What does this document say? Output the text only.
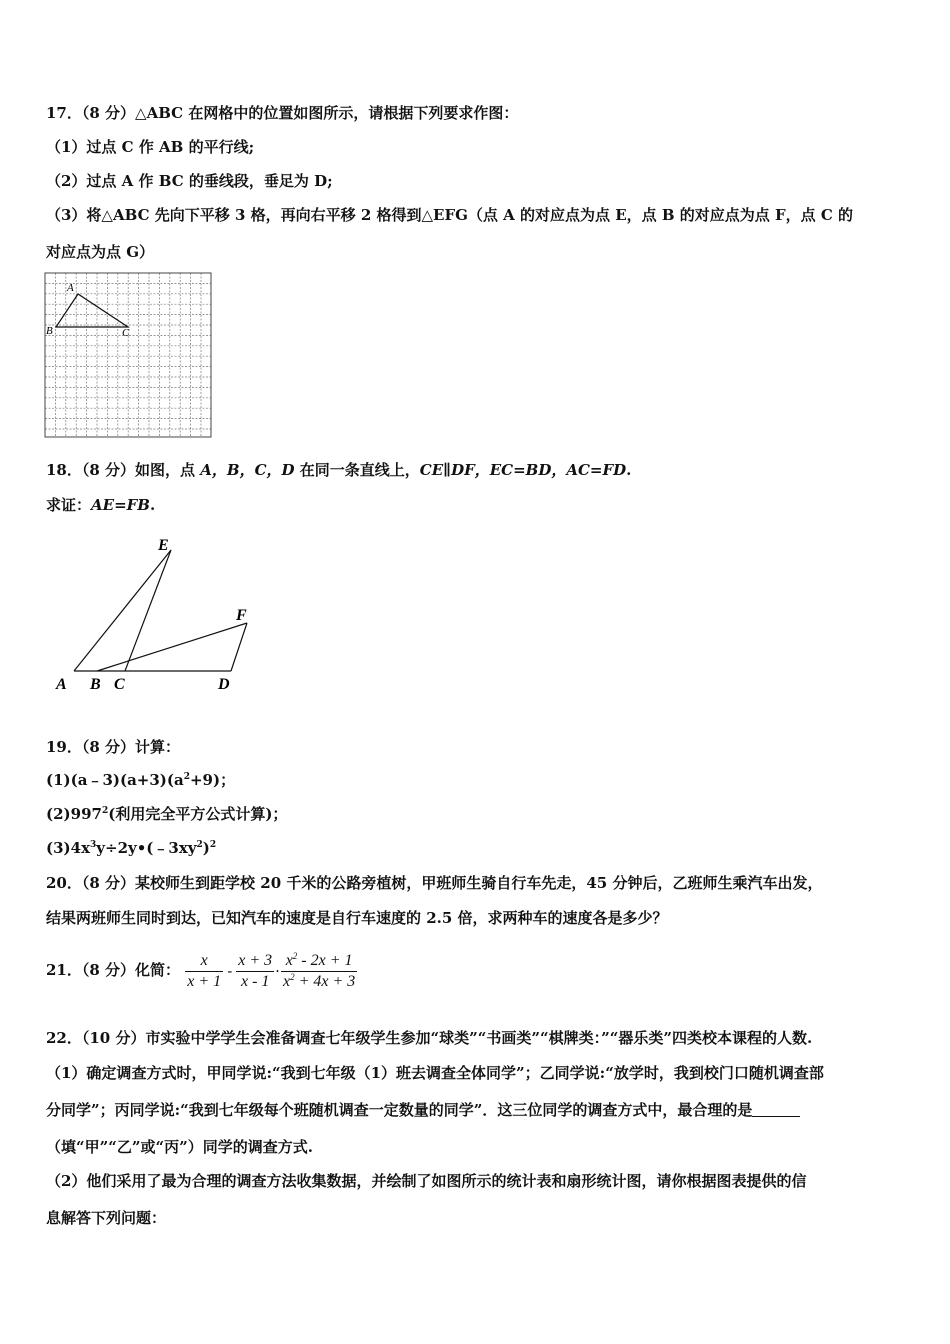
17．（8 分）△ABC 在网格中的位置如图所示，请根据下列要求作图：
（1）过点 C 作 AB 的平行线;
（2）过点 A 作 BC 的垂线段，垂足为 D;
（3）将△ABC 先向下平移 3 格，再向右平移 2 格得到△EFG（点 A 的对应点为点 E，点 B 的对应点为点 F，点 C 的
对应点为点 G）
A
B	C
18．（8 分）如图，点 A，B，C，D 在同一条直线上，CE∥DF，EC=BD，AC=FD.
求证：AE=FB.
E
F
A B C	D
19．（8 分）计算：
$(1)(a﹣3)(a+3)(a^2+9)$；
$(2)997^2$(利用完全平方公式计算)；
$(3)4x^3y\div 2y•(﹣3xy^2)^2$
20．（8 分）某校师生到距学校 20 千米的公路旁植树，甲班师生骑自行车先走，45 分钟后，乙班师生乘汽车出发，
结果两班师生同时到达，已知汽车的速度是自行车速度的 2.5 倍，求两种车的速度各是多少？
21．（8 分）化简： $\frac{x}{x + 1} - \frac{x + 3}{x - 1} \cdot \frac{x^2 - 2x + 1}{x^2 + 4x + 3}$
22．（10 分）市实验中学学生会准备调查七年级学生参加“球类”“书画类”“棋牌类：”“器乐类”四类校本课程的人数.
（1）确定调查方式时，甲同学说:“我到七年级（1）班去调查全体同学”；乙同学说:“放学时，我到校门口随机调查部
分同学”；丙同学说:“我到七年级每个班随机调查一定数量的同学”．这三位同学的调查方式中，最合理的是
（填“甲”“乙”或“丙”）同学的调查方式.
（2）他们采用了最为合理的调查方法收集数据，并绘制了如图所示的统计表和扇形统计图，请你根据图表提供的信
息解答下列问题：
